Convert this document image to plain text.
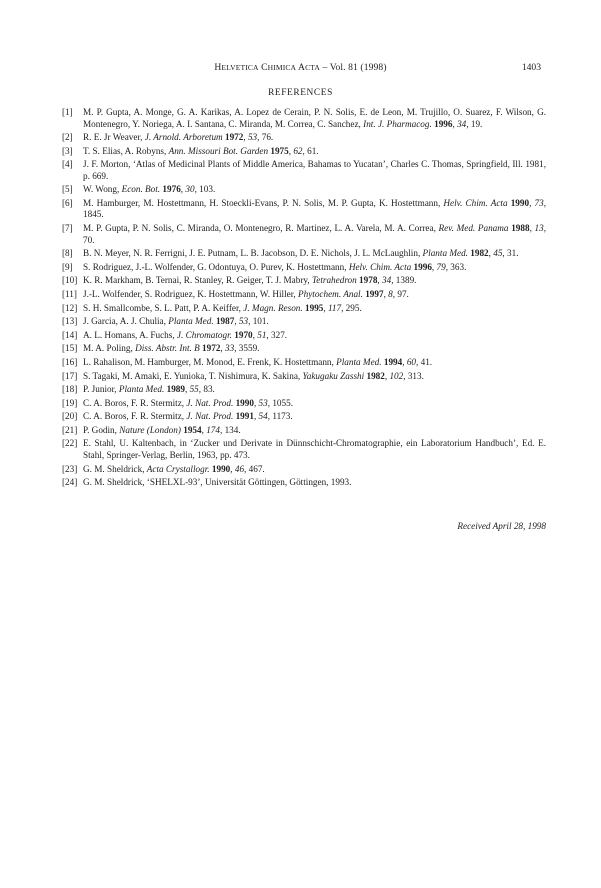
HELVETICA CHIMICA ACTA – Vol. 81 (1998)	1403
REFERENCES
[1] M. P. Gupta, A. Monge, G. A. Karikas, A. Lopez de Cerain, P. N. Solis, E. de Leon, M. Trujillo, O. Suarez, F. Wilson, G. Montenegro, Y. Noriega, A. I. Santana, C. Miranda, M. Correa, C. Sanchez, Int. J. Pharmacog. 1996, 34, 19.
[2] R. E. Jr Weaver, J. Arnold. Arboretum 1972, 53, 76.
[3] T. S. Elias, A. Robyns, Ann. Missouri Bot. Garden 1975, 62, 61.
[4] J. F. Morton, ‘Atlas of Medicinal Plants of Middle America, Bahamas to Yucatan’, Charles C. Thomas, Springfield, Ill. 1981, p. 669.
[5] W. Wong, Econ. Bot. 1976, 30, 103.
[6] M. Hamburger, M. Hostettmann, H. Stoeckli-Evans, P. N. Solis, M. P. Gupta, K. Hostettmann, Helv. Chim. Acta 1990, 73, 1845.
[7] M. P. Gupta, P. N. Solis, C. Miranda, O. Montenegro, R. Martinez, L. A. Varela, M. A. Correa, Rev. Med. Panama 1988, 13, 70.
[8] B. N. Meyer, N. R. Ferrigni, J. E. Putnam, L. B. Jacobson, D. E. Nichols, J. L. McLaughlin, Planta Med. 1982, 45, 31.
[9] S. Rodriguez, J.-L. Wolfender, G. Odontuya, O. Purev, K. Hostettmann, Helv. Chim. Acta 1996, 79, 363.
[10] K. R. Markham, B. Ternai, R. Stanley, R. Geiger, T. J. Mabry, Tetrahedron 1978, 34, 1389.
[11] J.-L. Wolfender, S. Rodriguez, K. Hostettmann, W. Hiller, Phytochem. Anal. 1997, 8, 97.
[12] S. H. Smallcombe, S. L. Patt, P. A. Keiffer, J. Magn. Reson. 1995, 117, 295.
[13] J. Garcia, A. J. Chulia, Planta Med. 1987, 53, 101.
[14] A. L. Homans, A. Fuchs, J. Chromatogr. 1970, 51, 327.
[15] M. A. Poling, Diss. Abstr. Int. B 1972, 33, 3559.
[16] L. Rahalison, M. Hamburger, M. Monod, E. Frenk, K. Hostettmann, Planta Med. 1994, 60, 41.
[17] S. Tagaki, M. Amaki, E. Yunioka, T. Nishimura, K. Sakina, Yakugaku Zasshi 1982, 102, 313.
[18] P. Junior, Planta Med. 1989, 55, 83.
[19] C. A. Boros, F. R. Stermitz, J. Nat. Prod. 1990, 53, 1055.
[20] C. A. Boros, F. R. Stermitz, J. Nat. Prod. 1991, 54, 1173.
[21] P. Godin, Nature (London) 1954, 174, 134.
[22] E. Stahl, U. Kaltenbach, in ‘Zucker und Derivate in Dünnschicht-Chromatographie, ein Laboratorium Handbuch’, Ed. E. Stahl, Springer-Verlag, Berlin, 1963, pp. 473.
[23] G. M. Sheldrick, Acta Crystallogr. 1990, 46, 467.
[24] G. M. Sheldrick, ‘SHELXL-93’, Universität Göttingen, Göttingen, 1993.
Received April 28, 1998
